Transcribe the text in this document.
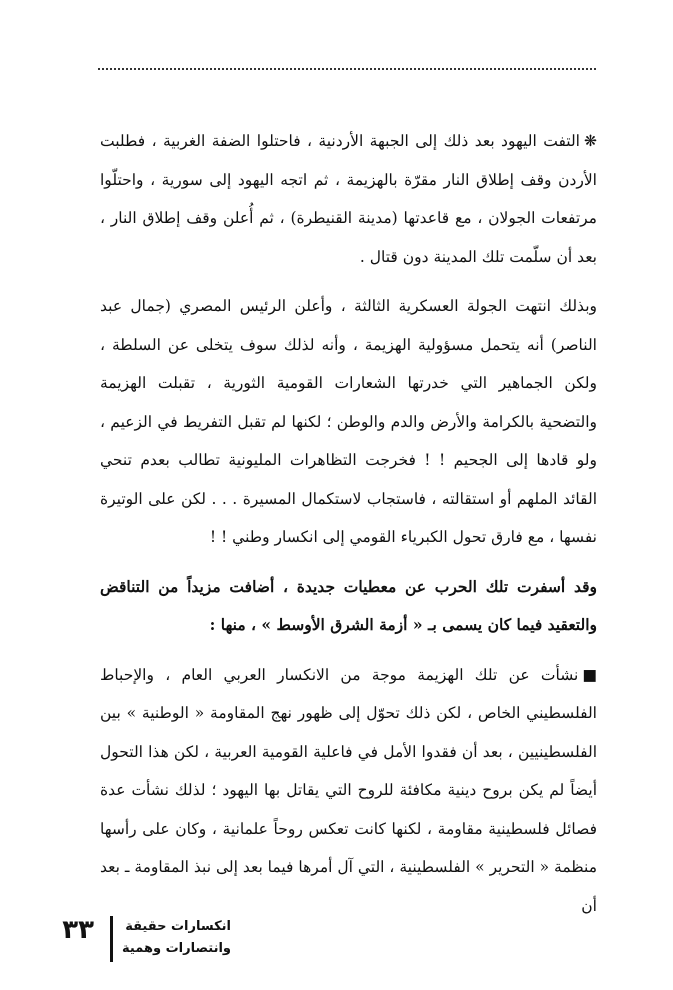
❋التفت اليهود بعد ذلك إلى الجبهة الأردنية ، فاحتلوا الضفة الغربية ، فطلبت الأردن وقف إطلاق النار مقرّة بالهزيمة ، ثم اتجه اليهود إلى سورية ، واحتلّوا مرتفعات الجولان ، مع قاعدتها (مدينة القنيطرة) ، ثم أُعلن وقف إطلاق النار ، بعد أن سلّمت تلك المدينة دون قتال .

وبذلك انتهت الجولة العسكرية الثالثة ، وأعلن الرئيس المصري (جمال عبد الناصر) أنه يتحمل مسؤولية الهزيمة ، وأنه لذلك سوف يتخلى عن السلطة ، ولكن الجماهير التي خدرتها الشعارات القومية الثورية ، تقبلت الهزيمة والتضحية بالكرامة والأرض والدم والوطن ؛ لكنها لم تقبل التفريط في الزعيم ، ولو قادها إلى الجحيم ! ! فخرجت التظاهرات المليونية تطالب بعدم تنحي القائد الملهم أو استقالته ، فاستجاب لاستكمال المسيرة . . . لكن على الوتيرة نفسها ، مع فارق تحول الكبرياء القومي إلى انكسار وطني ! !

وقد أسفرت تلك الحرب عن معطيات جديدة ، أضافت مزيداً من التناقض والتعقيد فيما كان يسمى بـ « أزمة الشرق الأوسط » ، منها :

■نشأت عن تلك الهزيمة موجة من الانكسار العربي العام ، والإحباط الفلسطيني الخاص ، لكن ذلك تحوّل إلى ظهور نهج المقاومة « الوطنية » بين الفلسطينيين ، بعد أن فقدوا الأمل في فاعلية القومية العربية ، لكن هذا التحول أيضاً لم يكن بروح دينية مكافئة للروح التي يقاتل بها اليهود ؛ لذلك نشأت عدة فصائل فلسطينية مقاومة ، لكنها كانت تعكس روحاً علمانية ، وكان على رأسها منظمة « التحرير » الفلسطينية ، التي آل أمرها فيما بعد إلى نبذ المقاومة ـ بعد أن

٣٣	انكسارات حقيقة
وانتصارات وهمية
